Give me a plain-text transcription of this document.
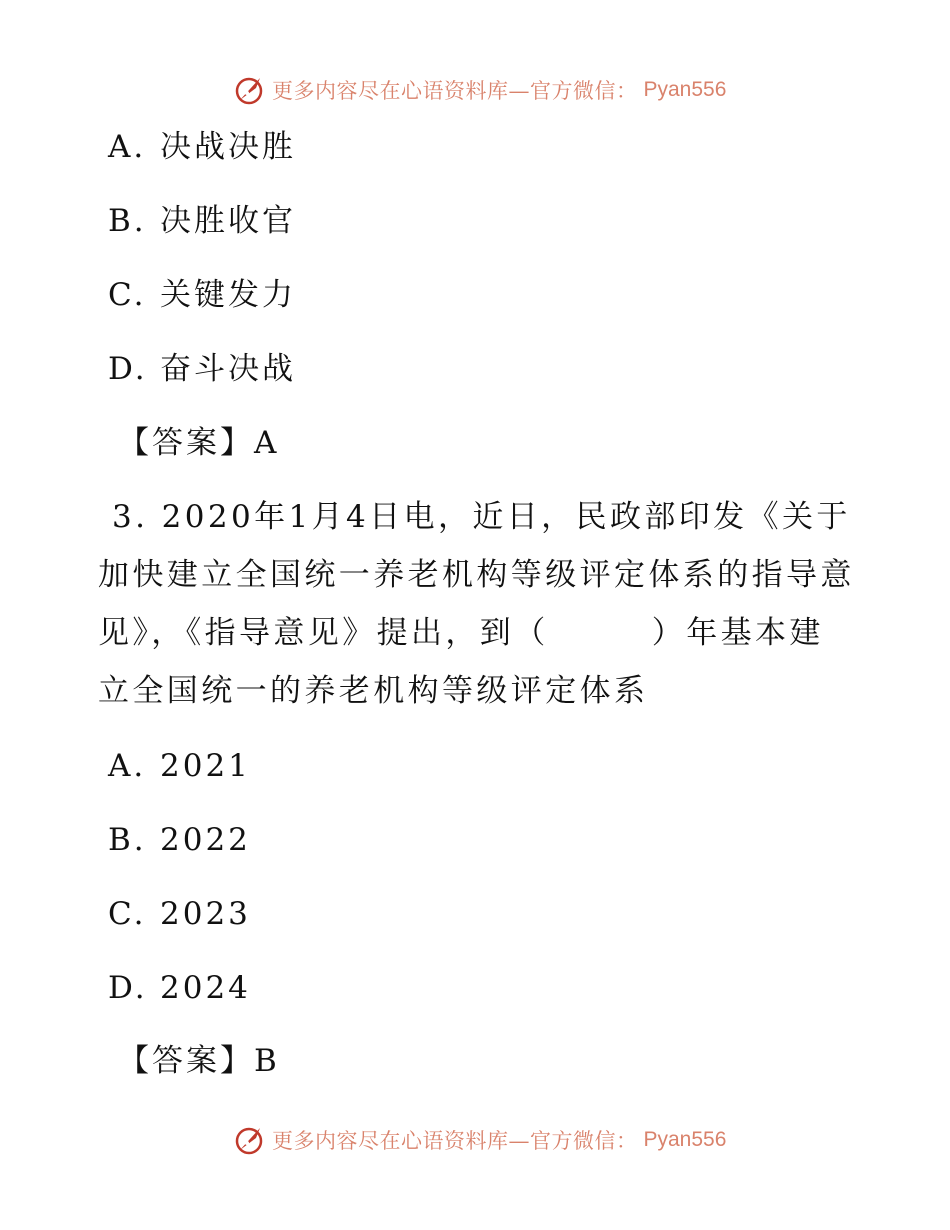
更多内容尽在心语资料库—官方微信： Pyan556
A. 决战决胜
B. 决胜收官
C. 关键发力
D. 奋斗决战
【答案】A
3. 2020年1月4日电，近日，民政部印发《关于加快建立全国统一养老机构等级评定体系的指导意见》，《指导意见》提出，到（　　　）年基本建立全国统一的养老机构等级评定体系
A. 2021
B. 2022
C. 2023
D. 2024
【答案】B
更多内容尽在心语资料库—官方微信： Pyan556
